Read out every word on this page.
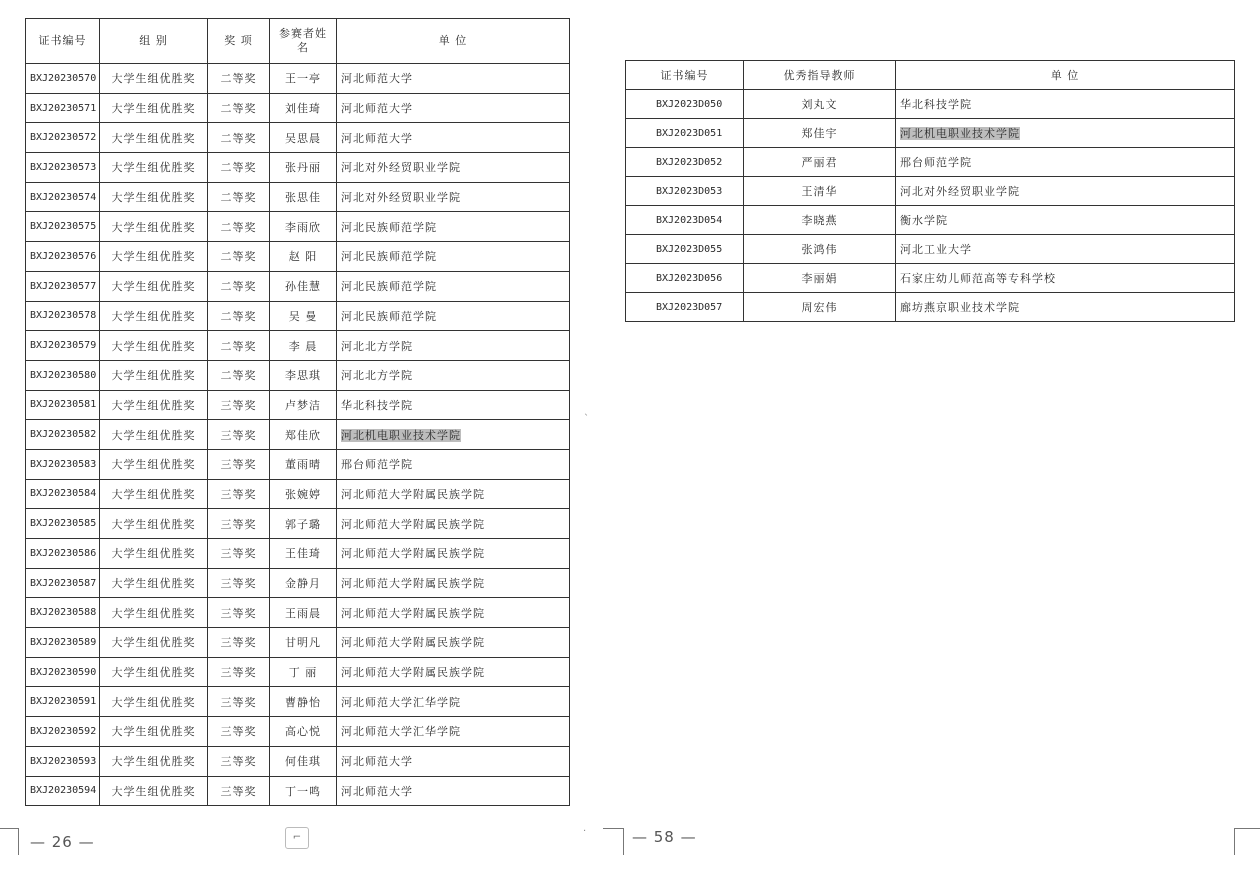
证书编号	组 别	奖 项	参赛者姓名	单 位
BXJ20230570	大学生组优胜奖	二等奖	王一亭	河北师范大学
BXJ20230571	大学生组优胜奖	二等奖	刘佳琦	河北师范大学
BXJ20230572	大学生组优胜奖	二等奖	吴思晨	河北师范大学
BXJ20230573	大学生组优胜奖	二等奖	张丹丽	河北对外经贸职业学院
BXJ20230574	大学生组优胜奖	二等奖	张思佳	河北对外经贸职业学院
BXJ20230575	大学生组优胜奖	二等奖	李雨欣	河北民族师范学院
BXJ20230576	大学生组优胜奖	二等奖	赵 阳	河北民族师范学院
BXJ20230577	大学生组优胜奖	二等奖	孙佳慧	河北民族师范学院
BXJ20230578	大学生组优胜奖	二等奖	吴 曼	河北民族师范学院
BXJ20230579	大学生组优胜奖	二等奖	李 晨	河北北方学院
BXJ20230580	大学生组优胜奖	二等奖	李思琪	河北北方学院
BXJ20230581	大学生组优胜奖	三等奖	卢梦洁	华北科技学院
BXJ20230582	大学生组优胜奖	三等奖	郑佳欣	河北机电职业技术学院
BXJ20230583	大学生组优胜奖	三等奖	董雨晴	邢台师范学院
BXJ20230584	大学生组优胜奖	三等奖	张婉婷	河北师范大学附属民族学院
BXJ20230585	大学生组优胜奖	三等奖	郭子璐	河北师范大学附属民族学院
BXJ20230586	大学生组优胜奖	三等奖	王佳琦	河北师范大学附属民族学院
BXJ20230587	大学生组优胜奖	三等奖	金静月	河北师范大学附属民族学院
BXJ20230588	大学生组优胜奖	三等奖	王雨晨	河北师范大学附属民族学院
BXJ20230589	大学生组优胜奖	三等奖	甘明凡	河北师范大学附属民族学院
BXJ20230590	大学生组优胜奖	三等奖	丁 丽	河北师范大学附属民族学院
BXJ20230591	大学生组优胜奖	三等奖	曹静怡	河北师范大学汇华学院
BXJ20230592	大学生组优胜奖	三等奖	高心悦	河北师范大学汇华学院
BXJ20230593	大学生组优胜奖	三等奖	何佳琪	河北师范大学
BXJ20230594	大学生组优胜奖	三等奖	丁一鸣	河北师范大学
证书编号	优秀指导教师	单 位
BXJ2023D050	刘丸文	华北科技学院
BXJ2023D051	郑佳宇	河北机电职业技术学院
BXJ2023D052	严丽君	邢台师范学院
BXJ2023D053	王清华	河北对外经贸职业学院
BXJ2023D054	李晓燕	衡水学院
BXJ2023D055	张鸿伟	河北工业大学
BXJ2023D056	李丽娟	石家庄幼儿师范高等专科学校
BXJ2023D057	周宏伟	廊坊燕京职业技术学院
— 26 —	⌐	— 58 —
ˎ
·
